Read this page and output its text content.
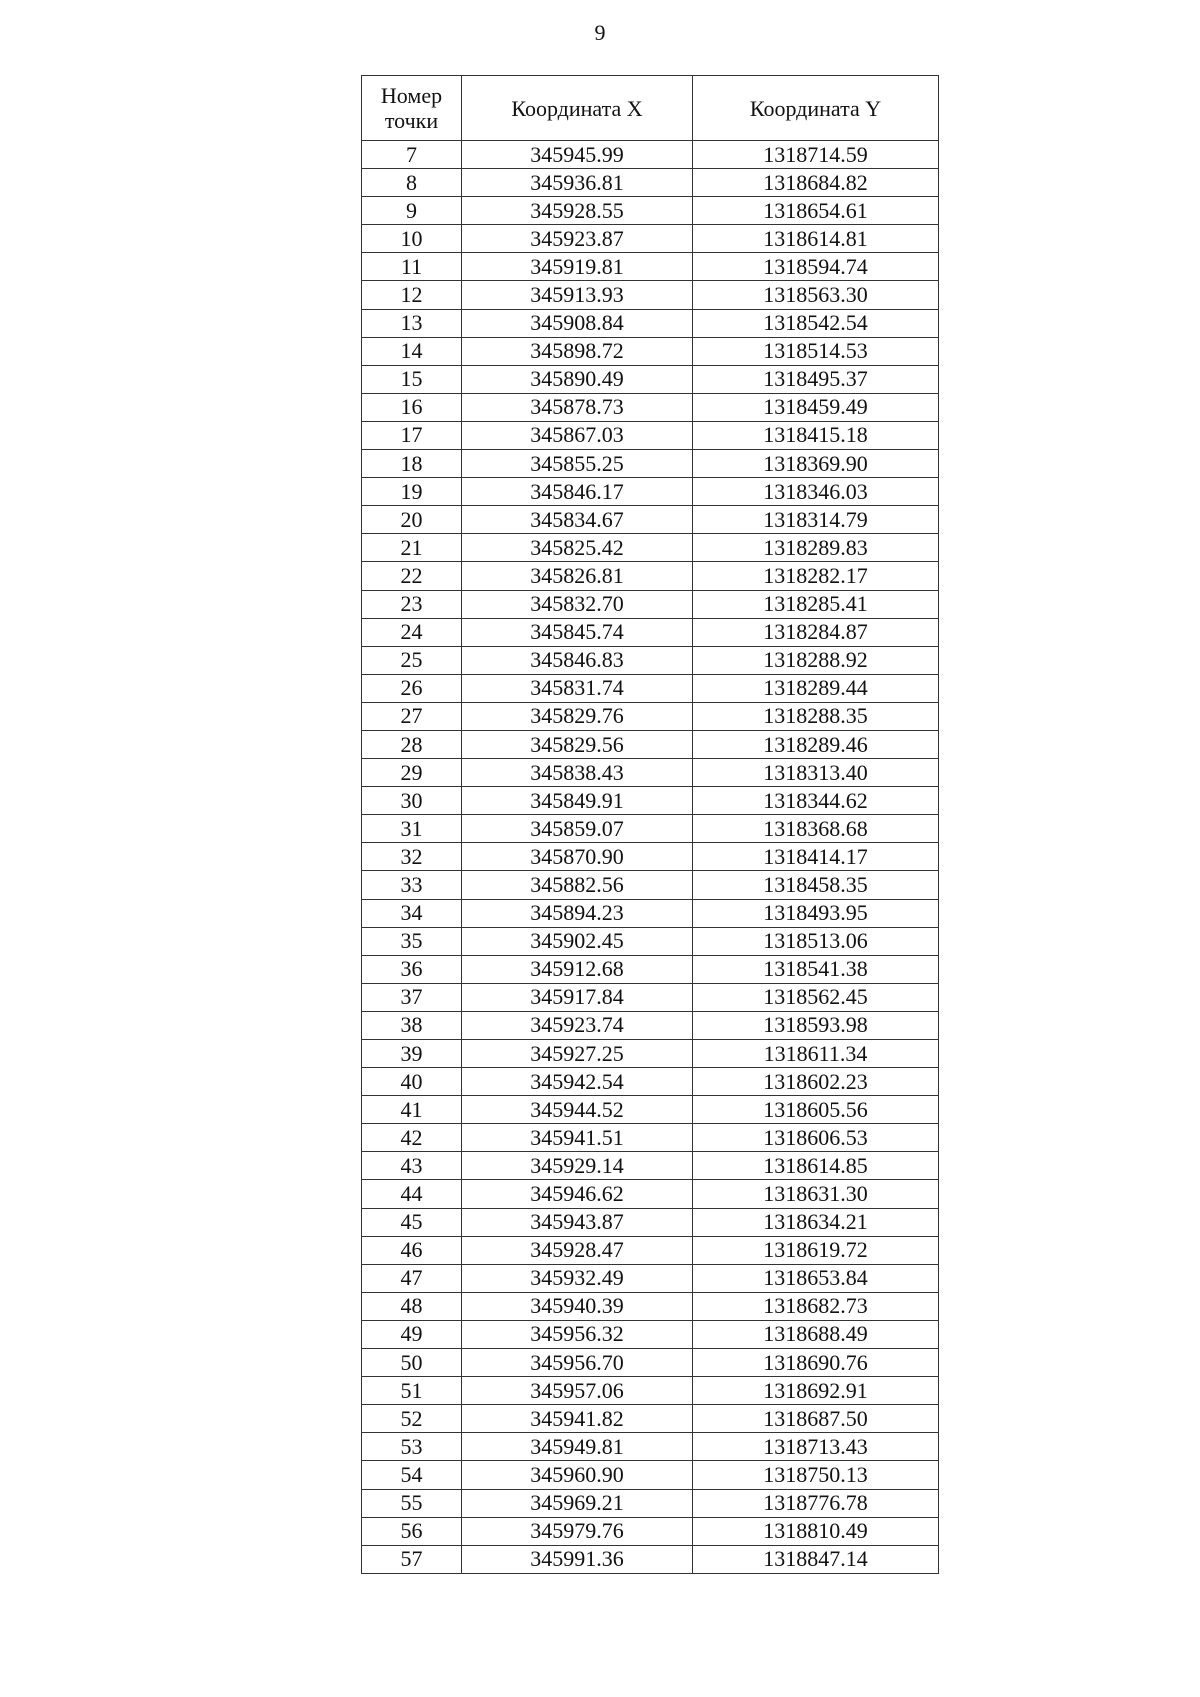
9
Номер точки	Координата X	Координата Y
7	345945.99	1318714.59
8	345936.81	1318684.82
9	345928.55	1318654.61
10	345923.87	1318614.81
11	345919.81	1318594.74
12	345913.93	1318563.30
13	345908.84	1318542.54
14	345898.72	1318514.53
15	345890.49	1318495.37
16	345878.73	1318459.49
17	345867.03	1318415.18
18	345855.25	1318369.90
19	345846.17	1318346.03
20	345834.67	1318314.79
21	345825.42	1318289.83
22	345826.81	1318282.17
23	345832.70	1318285.41
24	345845.74	1318284.87
25	345846.83	1318288.92
26	345831.74	1318289.44
27	345829.76	1318288.35
28	345829.56	1318289.46
29	345838.43	1318313.40
30	345849.91	1318344.62
31	345859.07	1318368.68
32	345870.90	1318414.17
33	345882.56	1318458.35
34	345894.23	1318493.95
35	345902.45	1318513.06
36	345912.68	1318541.38
37	345917.84	1318562.45
38	345923.74	1318593.98
39	345927.25	1318611.34
40	345942.54	1318602.23
41	345944.52	1318605.56
42	345941.51	1318606.53
43	345929.14	1318614.85
44	345946.62	1318631.30
45	345943.87	1318634.21
46	345928.47	1318619.72
47	345932.49	1318653.84
48	345940.39	1318682.73
49	345956.32	1318688.49
50	345956.70	1318690.76
51	345957.06	1318692.91
52	345941.82	1318687.50
53	345949.81	1318713.43
54	345960.90	1318750.13
55	345969.21	1318776.78
56	345979.76	1318810.49
57	345991.36	1318847.14
